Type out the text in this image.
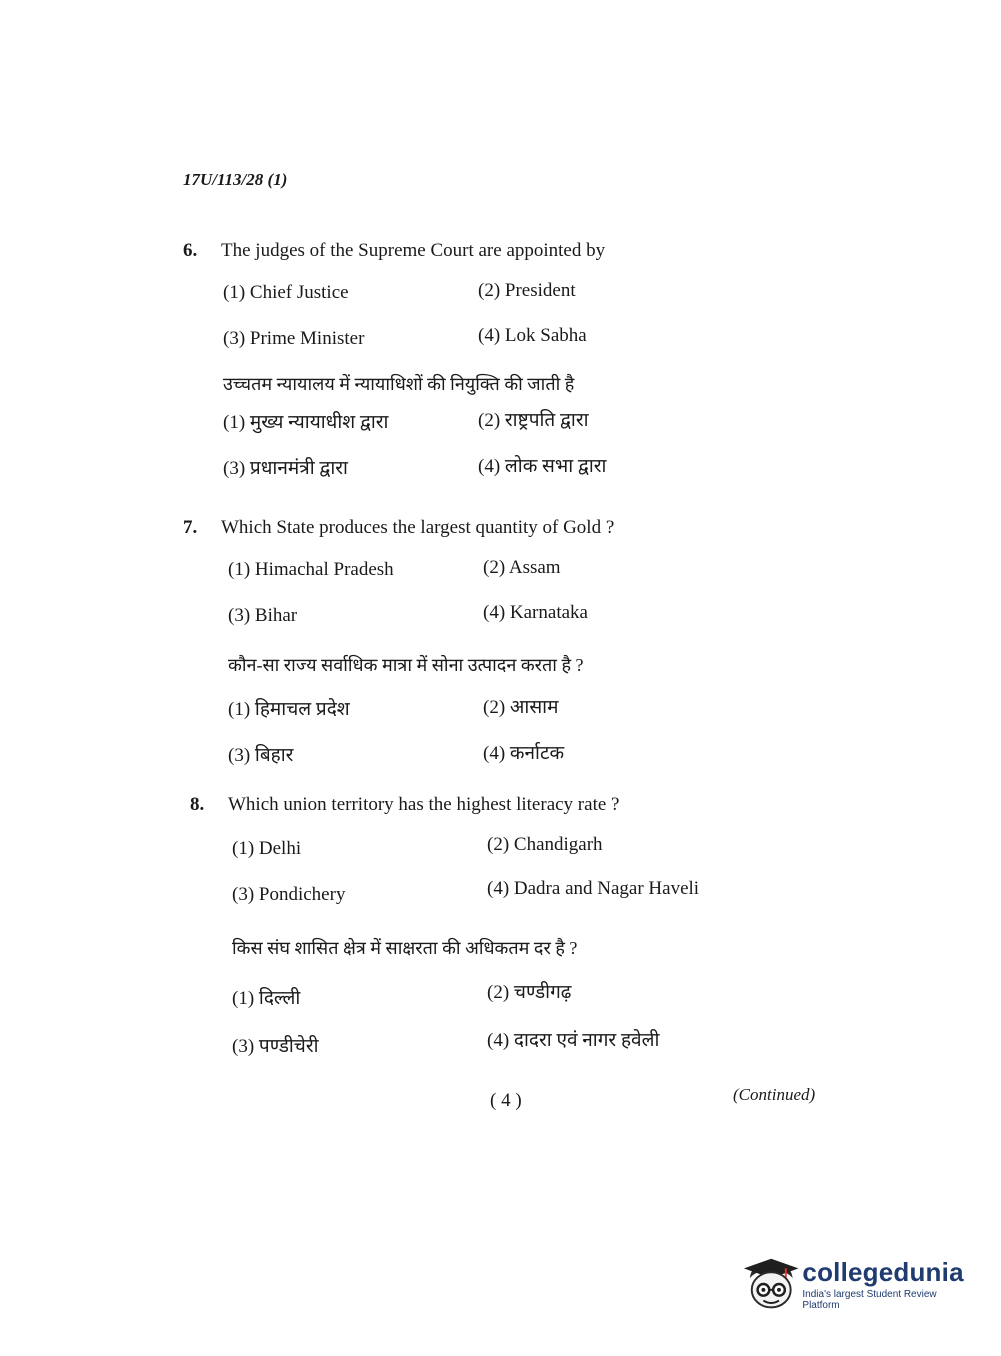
17U/113/28 (1)
6.	The judges of the Supreme Court are appointed by
(1) Chief Justice	(2) President
(3) Prime Minister	(4) Lok Sabha
उच्चतम न्यायालय में न्यायाधिशों की नियुक्ति की जाती है
(1) मुख्य न्यायाधीश द्वारा	(2) राष्ट्रपति द्वारा
(3) प्रधानमंत्री द्वारा	(4) लोक सभा द्वारा
7.	Which State produces the largest quantity of Gold ?
(1) Himachal Pradesh	(2) Assam
(3) Bihar	(4) Karnataka
कौन-सा राज्य सर्वाधिक मात्रा में सोना उत्पादन करता है ?
(1) हिमाचल प्रदेश	(2) आसाम
(3) बिहार	(4) कर्नाटक
8.	Which union territory has the highest literacy rate ?
(1) Delhi	(2) Chandigarh
(3) Pondichery	(4) Dadra and Nagar Haveli
किस संघ शासित क्षेत्र में साक्षरता की अधिकतम दर है ?
(1) दिल्ली	(2) चण्डीगढ़
(3) पण्डीचेरी	(4) दादरा एवं नागर हवेली
( 4 )	(Continued)
collegedunia
India's largest Student Review Platform
